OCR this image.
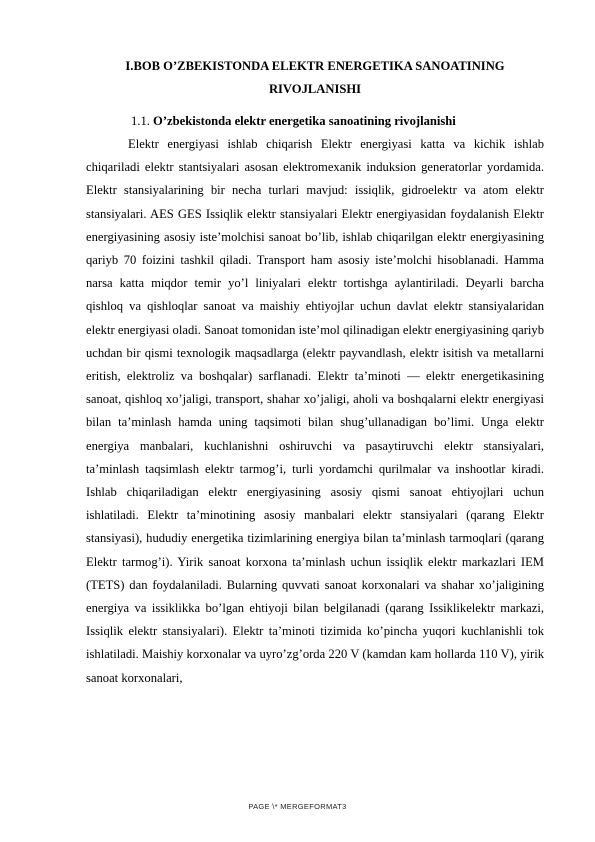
I.BOB O’ZBEKISTONDA ELEKTR ENERGETIKA SANOATINING RIVOJLANISHI
1.1. O’zbekistonda elektr energetika sanoatining rivojlanishi

Elektr energiyasi ishlab chiqarish Elektr energiyasi katta va kichik ishlab chiqariladi elektr stantsiyalari asosan elektromexanik induksion generatorlar yordamida. Elektr stansiyalarining bir necha turlari mavjud: issiqlik, gidroelektr va atom elektr stansiyalari. AES GES Issiqlik elektr stansiyalari Elektr energiyasidan foydalanish Elektr energiyasining asosiy iste’molchisi sanoat bo’lib, ishlab chiqarilgan elektr energiyasining qariyb 70 foizini tashkil qiladi. Transport ham asosiy iste’molchi hisoblanadi. Hamma narsa katta miqdor temir yo’l liniyalari elektr tortishga aylantiriladi. Deyarli barcha qishloq va qishloqlar sanoat va maishiy ehtiyojlar uchun davlat elektr stansiyalaridan elektr energiyasi oladi. Sanoat tomonidan iste’mol qilinadigan elektr energiyasining qariyb uchdan bir qismi texnologik maqsadlarga (elektr payvandlash, elektr isitish va metallarni eritish, elektroliz va boshqalar) sarflanadi. Elektr taʼminoti — elektr energetikasining sanoat, qishloq xo’jaligi, transport, shahar xo’jaligi, aholi va boshqalarni elektr energiyasi bilan taʼminlash hamda uning taqsimoti bilan shug’ullanadigan bo’limi. Unga elektr energiya manbalari, kuchlanishni oshiruvchi va pasaytiruvchi elektr stansiyalari, taʼminlash taqsimlash elektr tarmog’i, turli yordamchi qurilmalar va inshootlar kiradi. Ishlab chiqariladigan elektr energiyasining asosiy qismi sanoat ehtiyojlari uchun ishlatiladi. Elektr taʼminotining asosiy manbalari elektr stansiyalari (qarang Elektr stansiyasi), hududiy energetika tizimlarining energiya bilan taʼminlash tarmoqlari (qarang Elektr tarmog’i). Yirik sanoat korxona taʼminlash uchun issiqlik elektr markazlari IEM (TETS) dan foydalaniladi. Bularning quvvati sanoat korxonalari va shahar xo’jaligining energiya va issiklikka bo’lgan ehtiyoji bilan belgilanadi (qarang Issiklikelektr markazi, Issiqlik elektr stansiyalari). Elektr taʼminoti tizimida ko’pincha yuqori kuchlanishli tok ishlatiladi. Maishiy korxonalar va uyro’zg’orda 220 V (kamdan kam hollarda 110 V), yirik sanoat korxonalari,

PAGE \* MERGEFORMAT3
